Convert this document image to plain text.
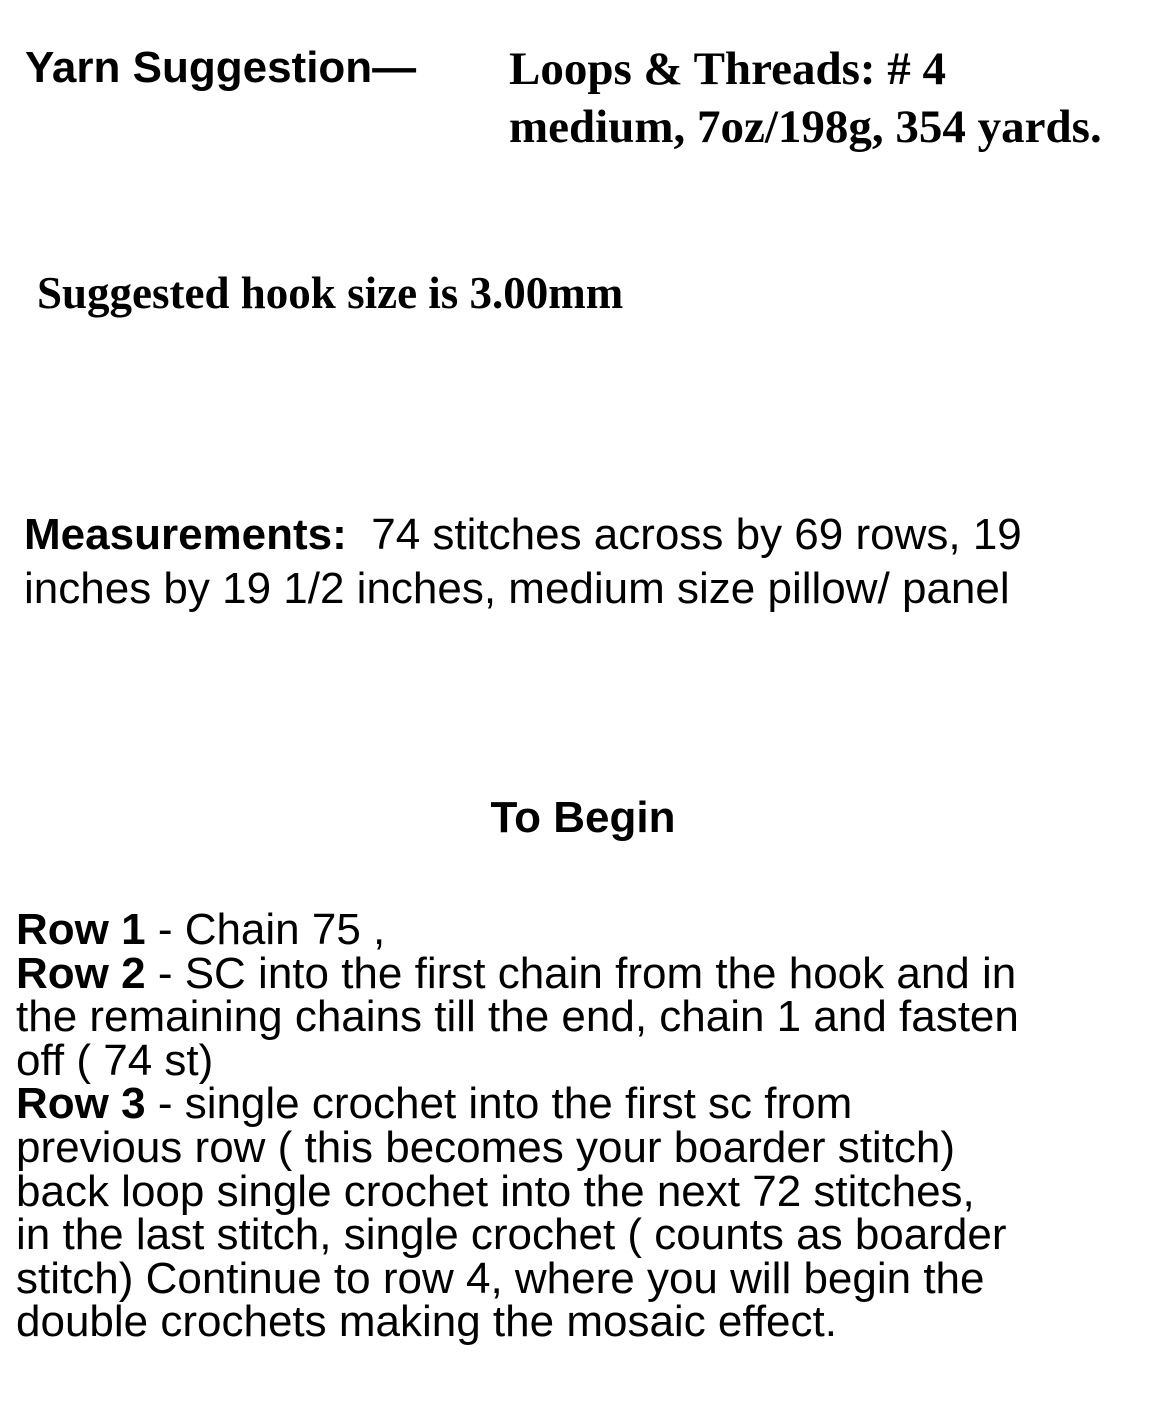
Yarn Suggestion— Loops & Threads: # 4
medium, 7oz/198g, 354 yards.
Suggested hook size is 3.00mm
Measurements: 74 stitches across by 69 rows, 19
inches by 19 1/2 inches, medium size pillow/ panel
To Begin
Row 1 - Chain 75 ,
Row 2 - SC into the first chain from the hook and in
the remaining chains till the end, chain 1 and fasten
off ( 74 st)
Row 3 - single crochet into the first sc from
previous row ( this becomes your boarder stitch)
back loop single crochet into the next 72 stitches,
in the last stitch, single crochet ( counts as boarder
stitch) Continue to row 4, where you will begin the
double crochets making the mosaic effect.
